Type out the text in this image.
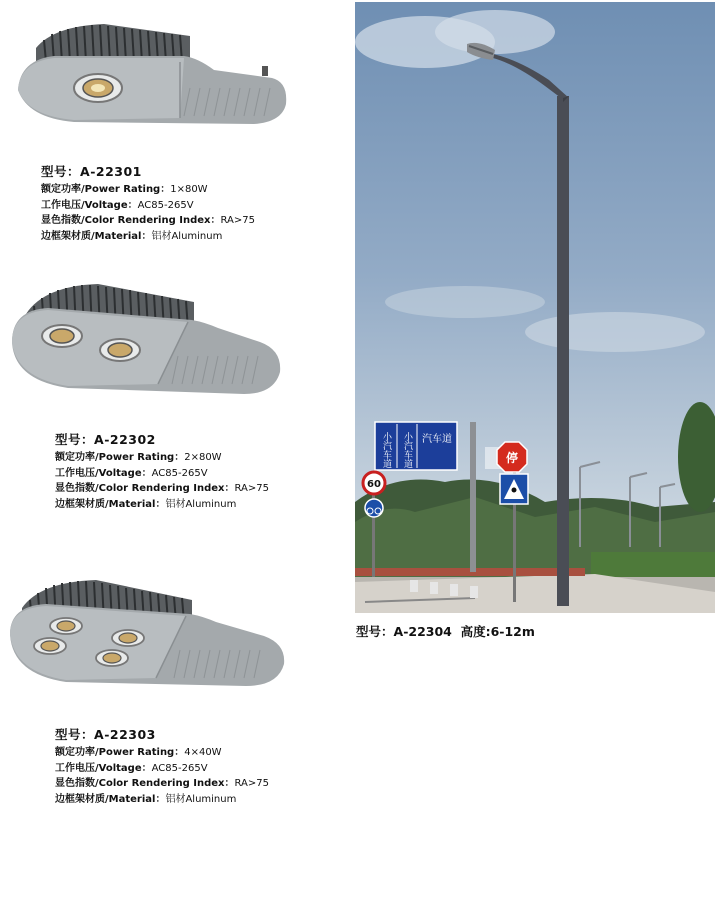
型号：A-22301
额定功率/Power Rating：1×80W
工作电压/Voltage：AC85-265V
显色指数/Color Rendering Index：RA>75
边框架材质/Material：铝材Aluminum
型号：A-22302
额定功率/Power Rating：2×80W
工作电压/Voltage：AC85-265V
显色指数/Color Rendering Index：RA>75
边框架材质/Material：铝材Aluminum
型号：A-22303
额定功率/Power Rating：4×40W
工作电压/Voltage：AC85-265V
显色指数/Color Rendering Index：RA>75
边框架材质/Material：铝材Aluminum
小汽车道 小汽车道 汽车道
60
停
型号：A-22304 高度:6-12m
